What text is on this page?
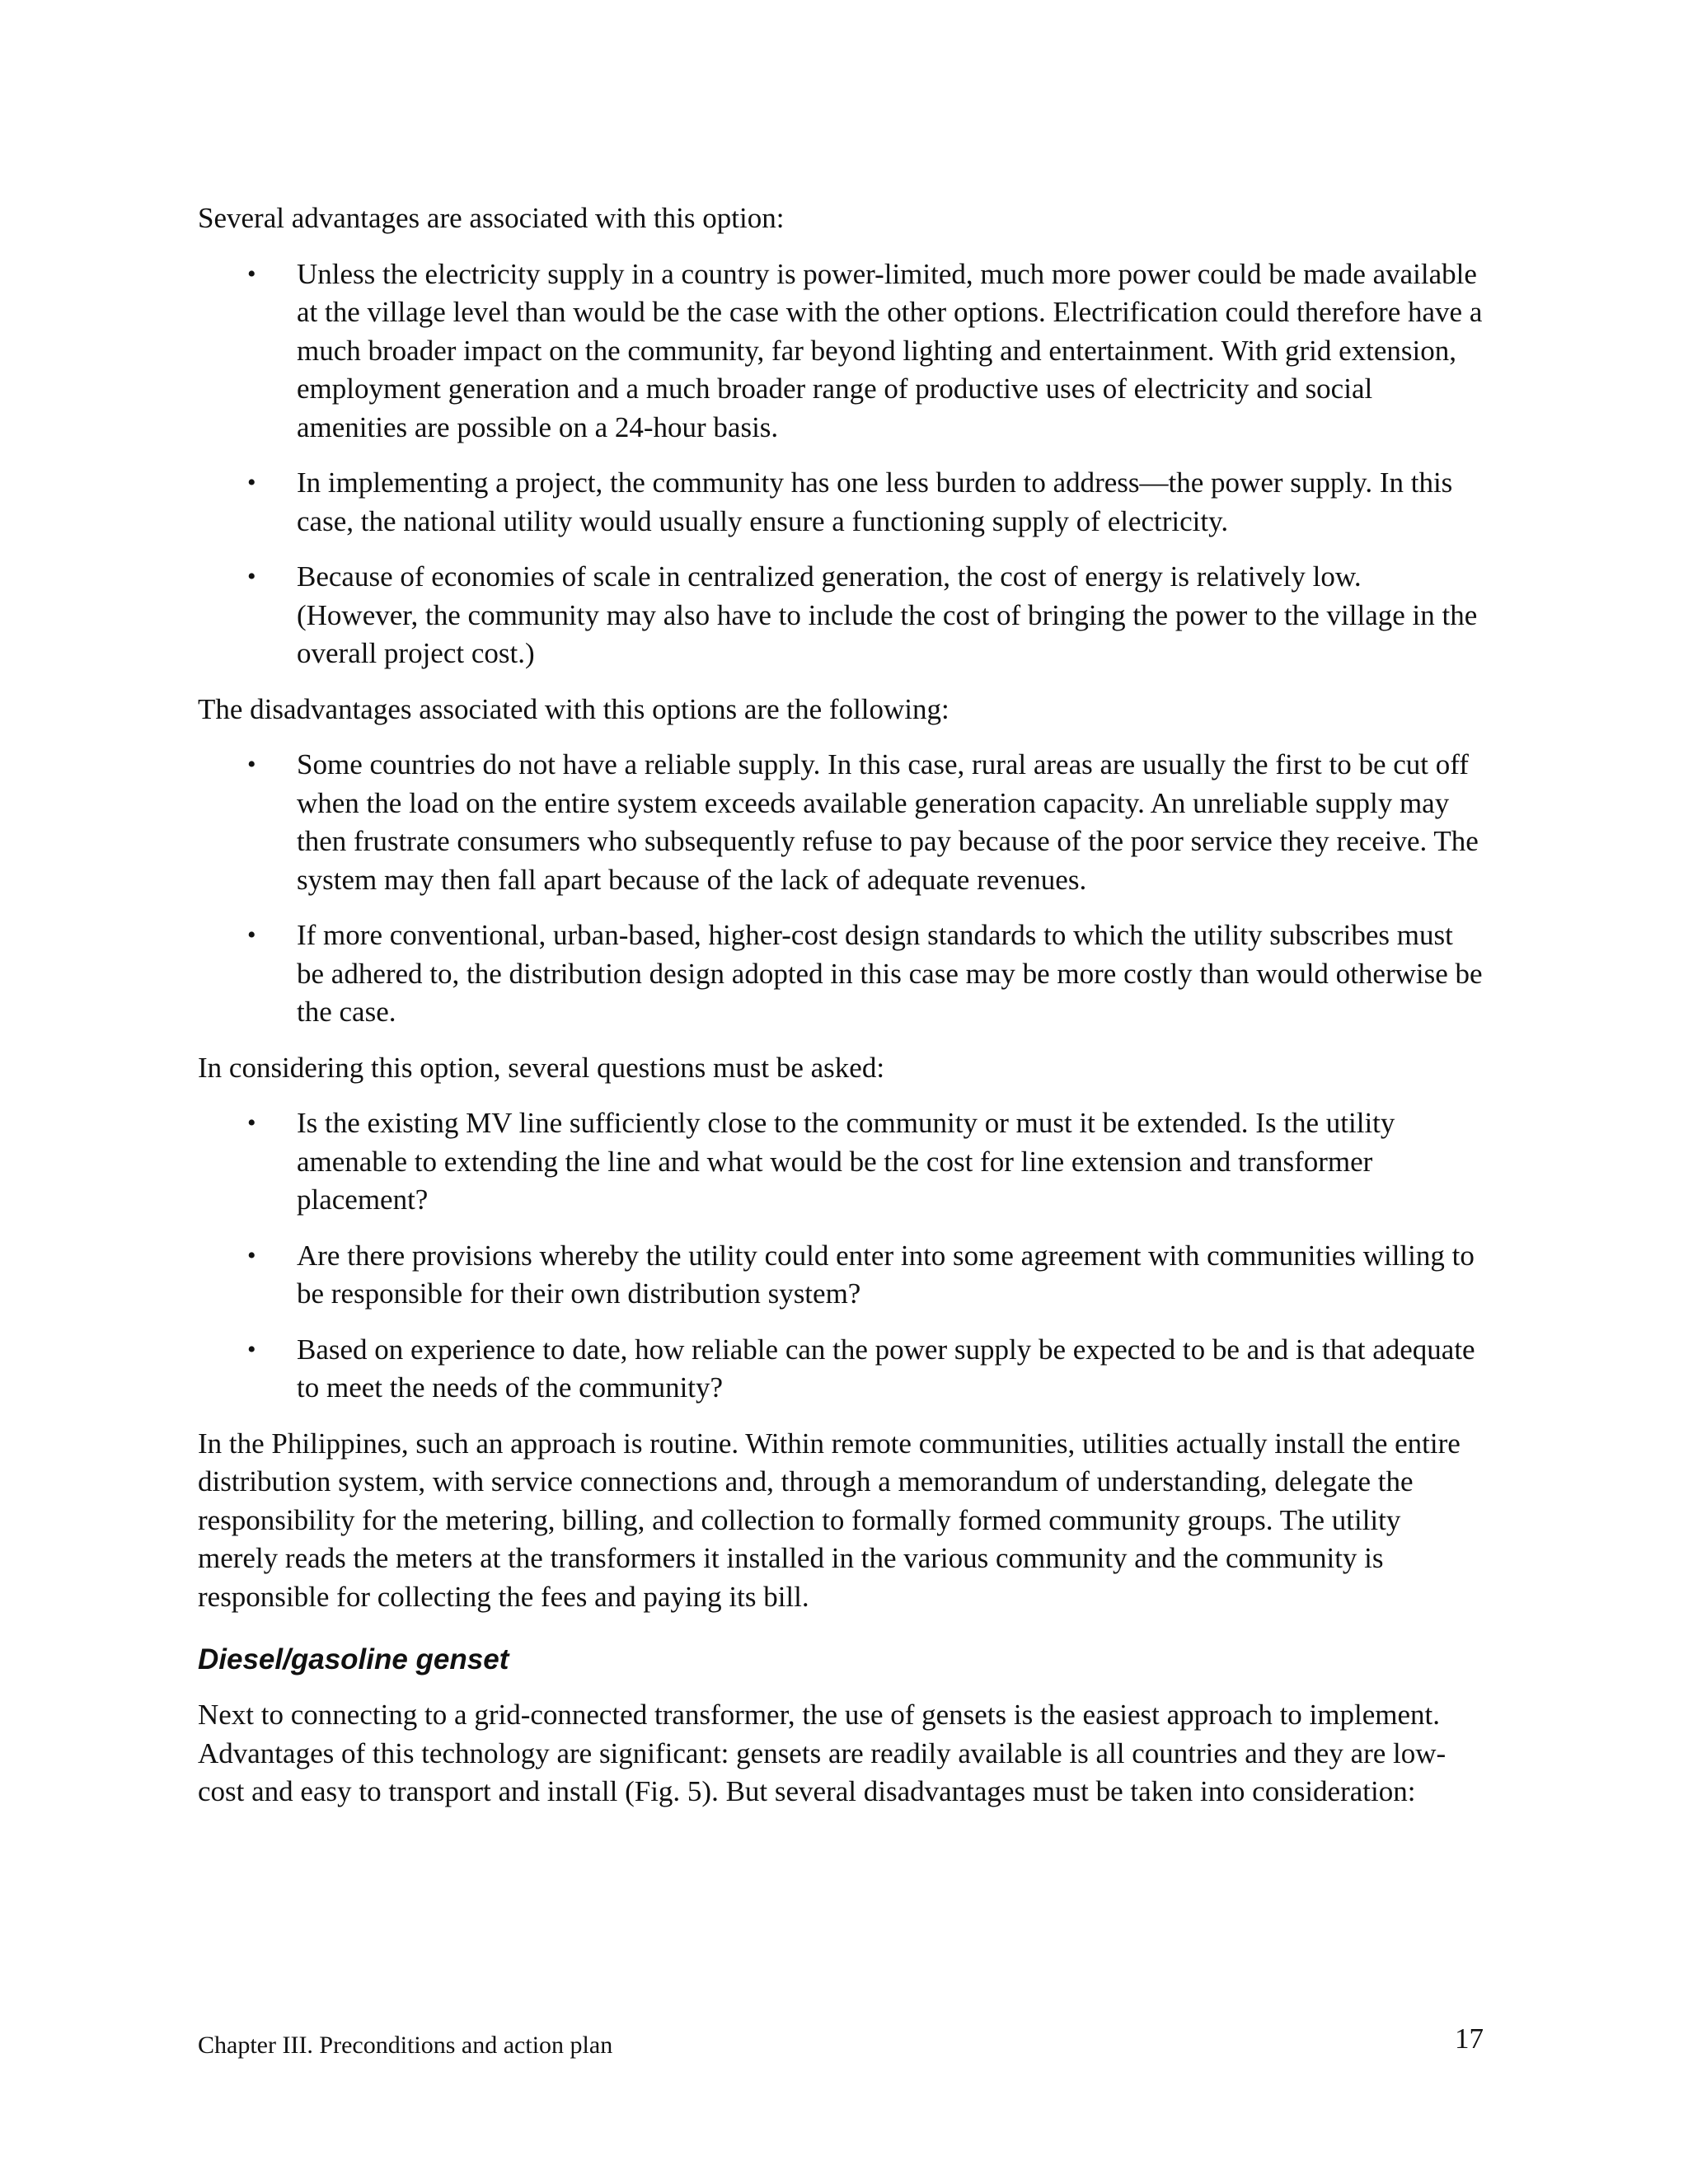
Several advantages are associated with this option:

• Unless the electricity supply in a country is power-limited, much more power could be made available at the village level than would be the case with the other options. Electrification could therefore have a much broader impact on the community, far beyond lighting and entertainment. With grid extension, employment generation and a much broader range of productive uses of electricity and social amenities are possible on a 24-hour basis.
• In implementing a project, the community has one less burden to address—the power supply. In this case, the national utility would usually ensure a functioning supply of electricity.
• Because of economies of scale in centralized generation, the cost of energy is relatively low. (However, the community may also have to include the cost of bringing the power to the village in the overall project cost.)

The disadvantages associated with this options are the following:

• Some countries do not have a reliable supply. In this case, rural areas are usually the first to be cut off when the load on the entire system exceeds available generation capacity. An unreliable supply may then frustrate consumers who subsequently refuse to pay because of the poor service they receive. The system may then fall apart because of the lack of adequate revenues.
• If more conventional, urban-based, higher-cost design standards to which the utility subscribes must be adhered to, the distribution design adopted in this case may be more costly than would otherwise be the case.

In considering this option, several questions must be asked:

• Is the existing MV line sufficiently close to the community or must it be extended. Is the utility amenable to extending the line and what would be the cost for line extension and transformer placement?
• Are there provisions whereby the utility could enter into some agreement with communities willing to be responsible for their own distribution system?
• Based on experience to date, how reliable can the power supply be expected to be and is that adequate to meet the needs of the community?

In the Philippines, such an approach is routine. Within remote communities, utilities actually install the entire distribution system, with service connections and, through a memorandum of understanding, delegate the responsibility for the metering, billing, and collection to formally formed community groups. The utility merely reads the meters at the transformers it installed in the various community and the community is responsible for collecting the fees and paying its bill.

Diesel/gasoline genset

Next to connecting to a grid-connected transformer, the use of gensets is the easiest approach to implement. Advantages of this technology are significant: gensets are readily available is all countries and they are low-cost and easy to transport and install (Fig. 5). But several disadvantages must be taken into consideration:

Chapter III. Preconditions and action plan	17
